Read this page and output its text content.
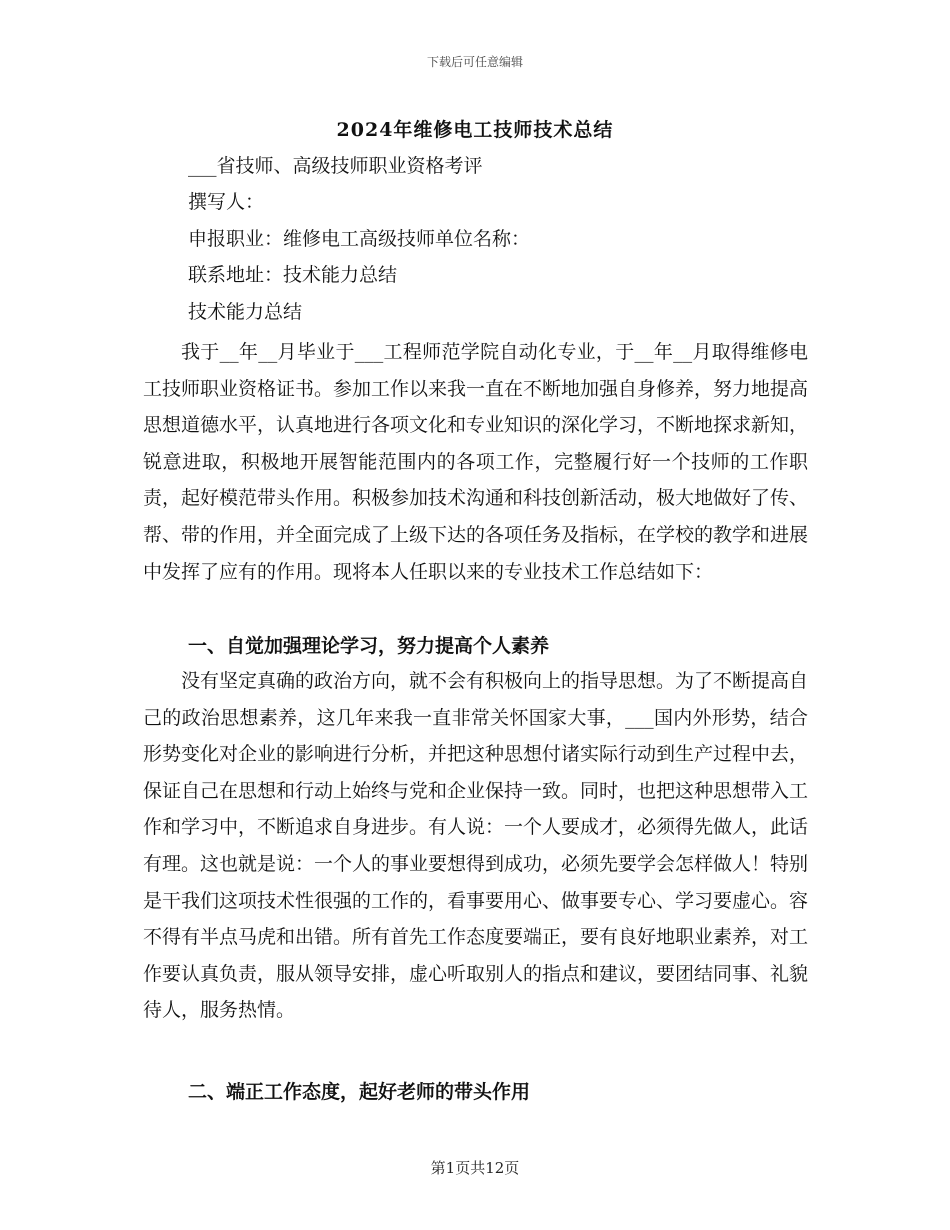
下载后可任意编辑
2024年维修电工技师技术总结
___省技师、高级技师职业资格考评
撰写人：
申报职业：维修电工高级技师单位名称：
联系地址：技术能力总结
技术能力总结

我于__年__月毕业于___工程师范学院自动化专业，于__年__月取得维修电工技师职业资格证书。参加工作以来我一直在不断地加强自身修养，努力地提高思想道德水平，认真地进行各项文化和专业知识的深化学习，不断地探求新知，锐意进取，积极地开展智能范围内的各项工作，完整履行好一个技师的工作职责，起好模范带头作用。积极参加技术沟通和科技创新活动，极大地做好了传、帮、带的作用，并全面完成了上级下达的各项任务及指标，在学校的教学和进展中发挥了应有的作用。现将本人任职以来的专业技术工作总结如下：

一、自觉加强理论学习，努力提高个人素养

没有坚定真确的政治方向，就不会有积极向上的指导思想。为了不断提高自己的政治思想素养，这几年来我一直非常关怀国家大事，___国内外形势，结合形势变化对企业的影响进行分析，并把这种思想付诸实际行动到生产过程中去，保证自己在思想和行动上始终与党和企业保持一致。同时，也把这种思想带入工作和学习中，不断追求自身进步。有人说：一个人要成才，必须得先做人，此话有理。这也就是说：一个人的事业要想得到成功，必须先要学会怎样做人！特别是干我们这项技术性很强的工作的，看事要用心、做事要专心、学习要虚心。容不得有半点马虎和出错。所有首先工作态度要端正，要有良好地职业素养，对工作要认真负责，服从领导安排，虚心听取别人的指点和建议，要团结同事、礼貌待人，服务热情。

二、端正工作态度，起好老师的带头作用
第1页共12页
